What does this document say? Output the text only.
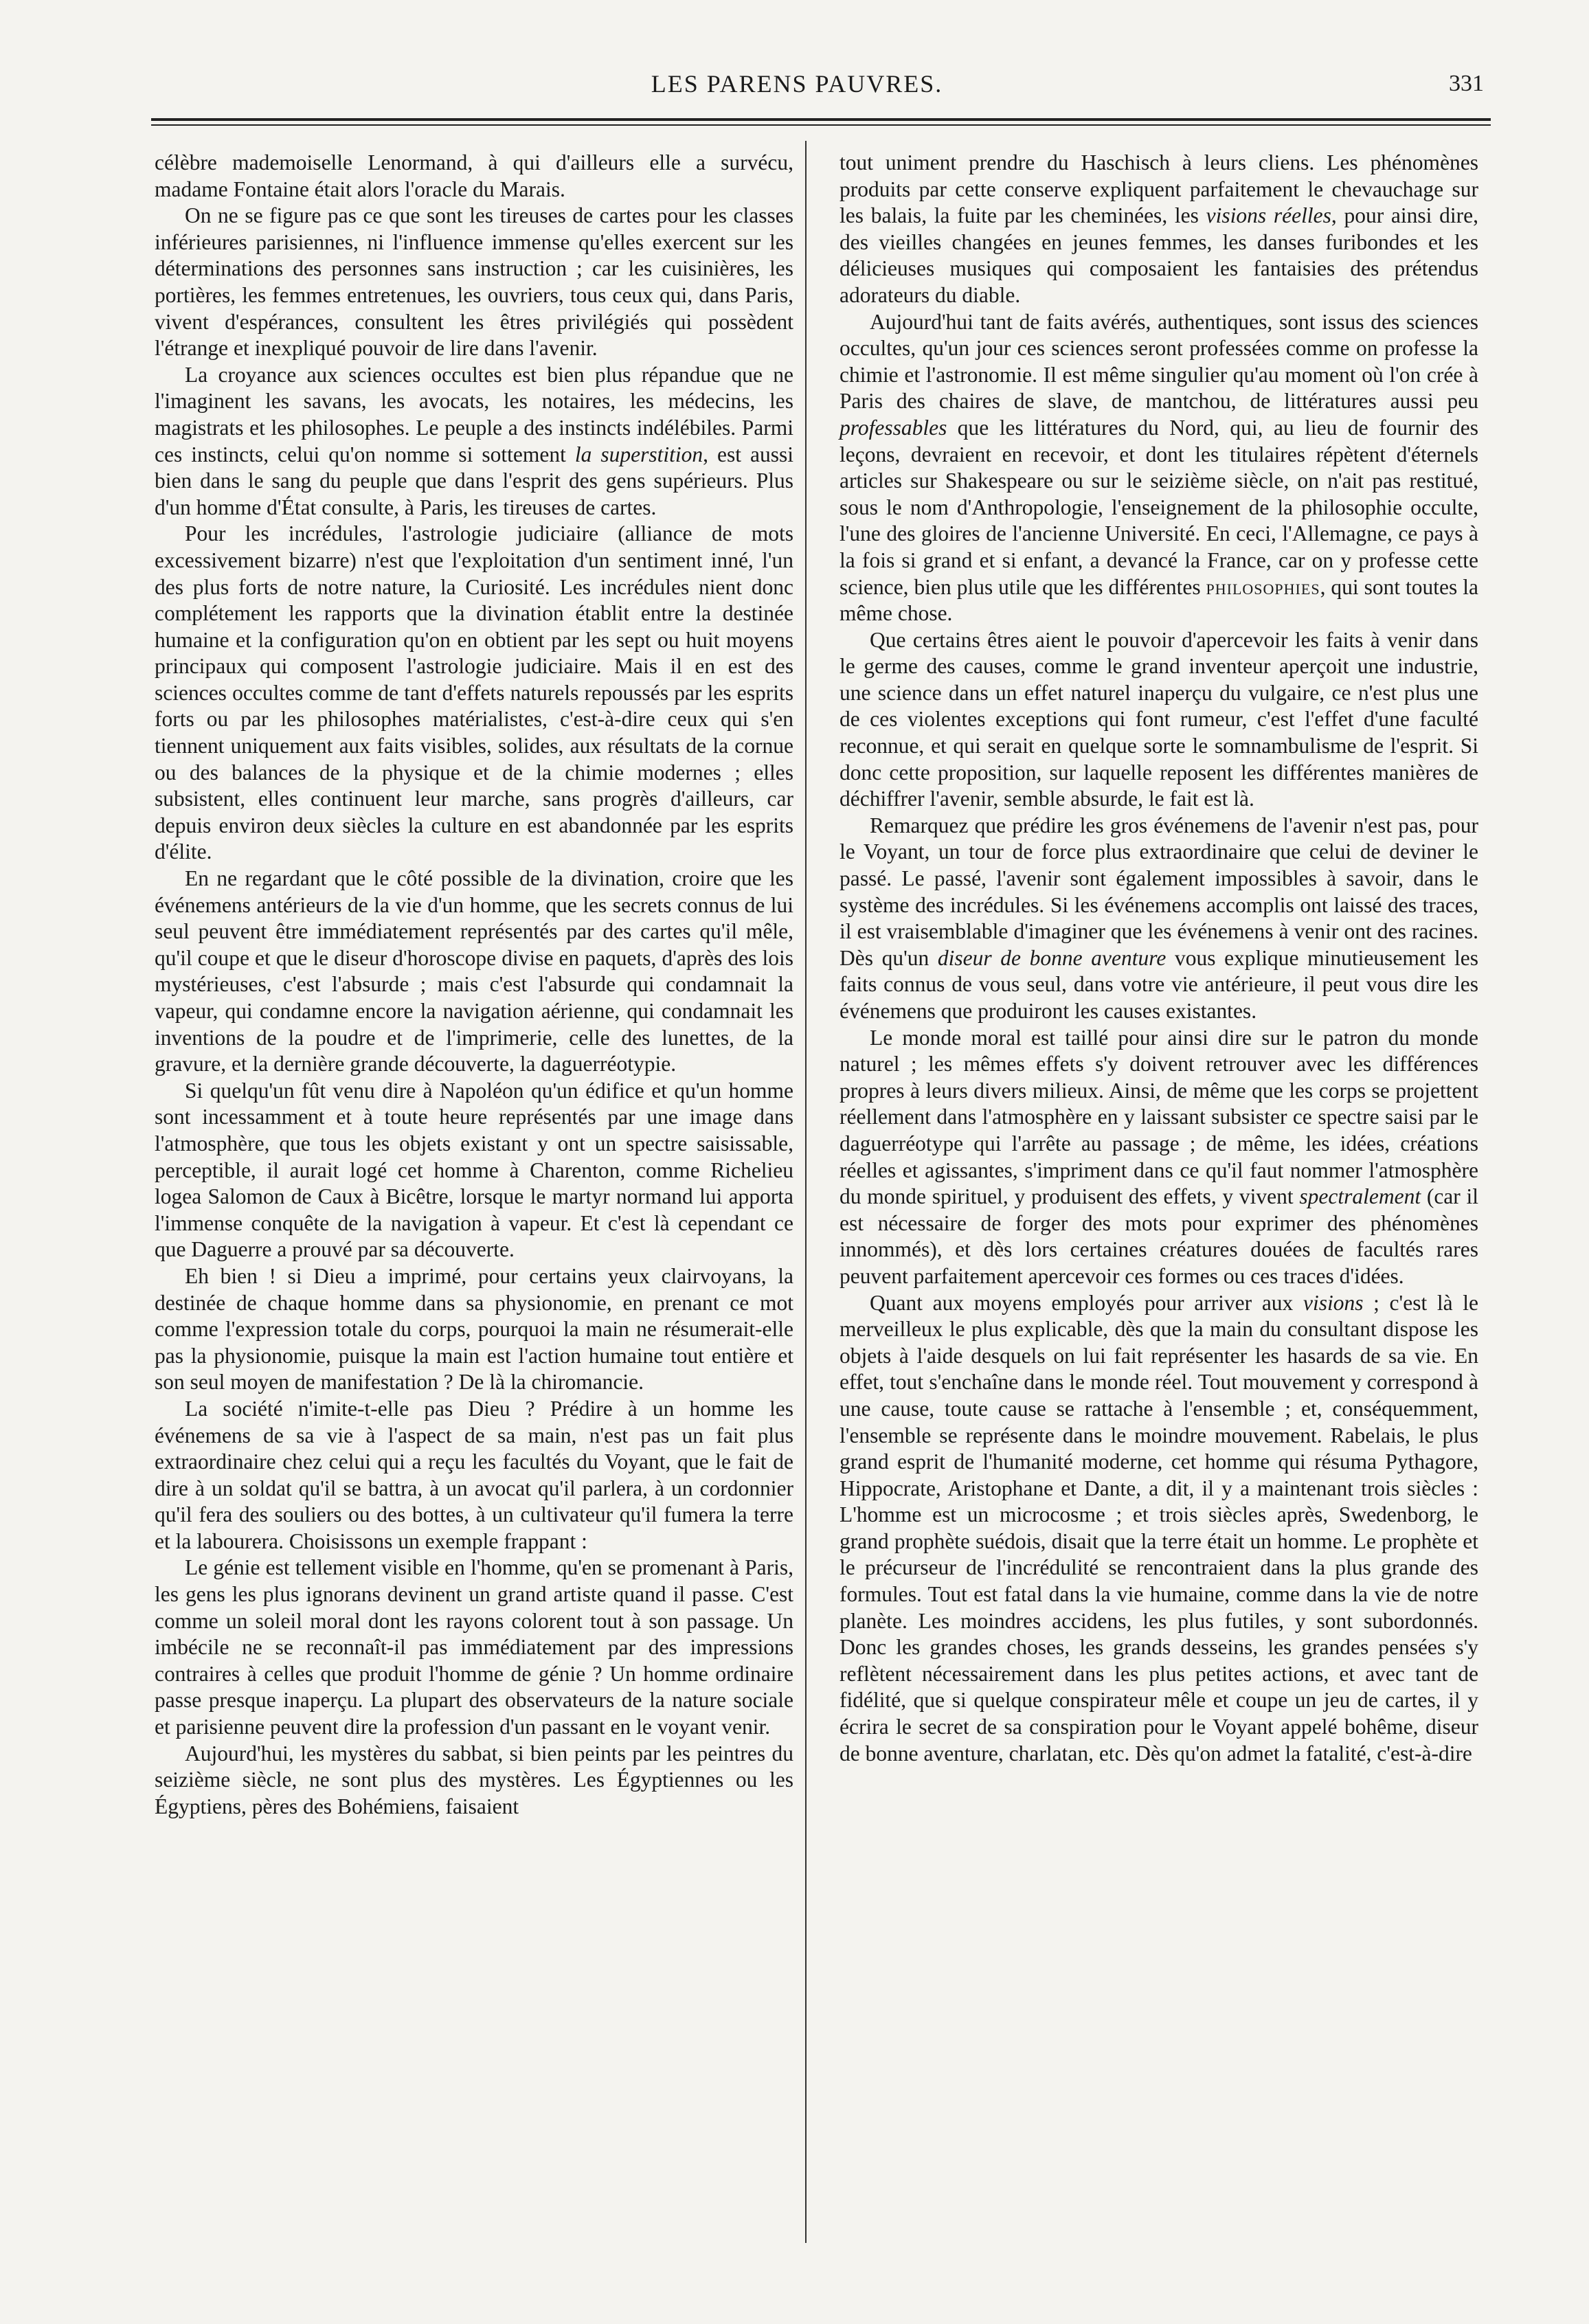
LES PARENS PAUVRES.	331

célèbre mademoiselle Lenormand, à qui d'ailleurs elle a survécu, madame Fontaine était alors l'oracle du Marais.

On ne se figure pas ce que sont les tireuses de cartes pour les classes inférieures parisiennes, ni l'influence immense qu'elles exercent sur les déterminations des personnes sans instruction ; car les cuisinières, les portières, les femmes entretenues, les ouvriers, tous ceux qui, dans Paris, vivent d'espérances, consultent les êtres privilégiés qui possèdent l'étrange et inexpliqué pouvoir de lire dans l'avenir.

La croyance aux sciences occultes est bien plus répandue que ne l'imaginent les savans, les avocats, les notaires, les médecins, les magistrats et les philosophes. Le peuple a des instincts indélébiles. Parmi ces instincts, celui qu'on nomme si sottement la superstition, est aussi bien dans le sang du peuple que dans l'esprit des gens supérieurs. Plus d'un homme d'État consulte, à Paris, les tireuses de cartes.

Pour les incrédules, l'astrologie judiciaire (alliance de mots excessivement bizarre) n'est que l'exploitation d'un sentiment inné, l'un des plus forts de notre nature, la Curiosité. Les incrédules nient donc complétement les rapports que la divination établit entre la destinée humaine et la configuration qu'on en obtient par les sept ou huit moyens principaux qui composent l'astrologie judiciaire. Mais il en est des sciences occultes comme de tant d'effets naturels repoussés par les esprits forts ou par les philosophes matérialistes, c'est-à-dire ceux qui s'en tiennent uniquement aux faits visibles, solides, aux résultats de la cornue ou des balances de la physique et de la chimie modernes ; elles subsistent, elles continuent leur marche, sans progrès d'ailleurs, car depuis environ deux siècles la culture en est abandonnée par les esprits d'élite.

En ne regardant que le côté possible de la divination, croire que les événemens antérieurs de la vie d'un homme, que les secrets connus de lui seul peuvent être immédiatement représentés par des cartes qu'il mêle, qu'il coupe et que le diseur d'horoscope divise en paquets, d'après des lois mystérieuses, c'est l'absurde ; mais c'est l'absurde qui condamnait la vapeur, qui condamne encore la navigation aérienne, qui condamnait les inventions de la poudre et de l'imprimerie, celle des lunettes, de la gravure, et la dernière grande découverte, la daguerréotypie.

Si quelqu'un fût venu dire à Napoléon qu'un édifice et qu'un homme sont incessamment et à toute heure représentés par une image dans l'atmosphère, que tous les objets existant y ont un spectre saisissable, perceptible, il aurait logé cet homme à Charenton, comme Richelieu logea Salomon de Caux à Bicêtre, lorsque le martyr normand lui apporta l'immense conquête de la navigation à vapeur. Et c'est là cependant ce que Daguerre a prouvé par sa découverte.

Eh bien ! si Dieu a imprimé, pour certains yeux clairvoyans, la destinée de chaque homme dans sa physionomie, en prenant ce mot comme l'expression totale du corps, pourquoi la main ne résumerait-elle pas la physionomie, puisque la main est l'action humaine tout entière et son seul moyen de manifestation ? De là la chiromancie.

La société n'imite-t-elle pas Dieu ? Prédire à un homme les événemens de sa vie à l'aspect de sa main, n'est pas un fait plus extraordinaire chez celui qui a reçu les facultés du Voyant, que le fait de dire à un soldat qu'il se battra, à un avocat qu'il parlera, à un cordonnier qu'il fera des souliers ou des bottes, à un cultivateur qu'il fumera la terre et la labourera. Choisissons un exemple frappant :

Le génie est tellement visible en l'homme, qu'en se promenant à Paris, les gens les plus ignorans devinent un grand artiste quand il passe. C'est comme un soleil moral dont les rayons colorent tout à son passage. Un imbécile ne se reconnaît-il pas immédiatement par des impressions contraires à celles que produit l'homme de génie ? Un homme ordinaire passe presque inaperçu. La plupart des observateurs de la nature sociale et parisienne peuvent dire la profession d'un passant en le voyant venir.

Aujourd'hui, les mystères du sabbat, si bien peints par les peintres du seizième siècle, ne sont plus des mystères. Les Égyptiennes ou les Égyptiens, pères des Bohémiens, faisaient

tout uniment prendre du Haschisch à leurs cliens. Les phénomènes produits par cette conserve expliquent parfaitement le chevauchage sur les balais, la fuite par les cheminées, les visions réelles, pour ainsi dire, des vieilles changées en jeunes femmes, les danses furibondes et les délicieuses musiques qui composaient les fantaisies des prétendus adorateurs du diable.

Aujourd'hui tant de faits avérés, authentiques, sont issus des sciences occultes, qu'un jour ces sciences seront professées comme on professe la chimie et l'astronomie. Il est même singulier qu'au moment où l'on crée à Paris des chaires de slave, de mantchou, de littératures aussi peu professables que les littératures du Nord, qui, au lieu de fournir des leçons, devraient en recevoir, et dont les titulaires répètent d'éternels articles sur Shakespeare ou sur le seizième siècle, on n'ait pas restitué, sous le nom d'Anthropologie, l'enseignement de la philosophie occulte, l'une des gloires de l'ancienne Université. En ceci, l'Allemagne, ce pays à la fois si grand et si enfant, a devancé la France, car on y professe cette science, bien plus utile que les différentes philosophies, qui sont toutes la même chose.

Que certains êtres aient le pouvoir d'apercevoir les faits à venir dans le germe des causes, comme le grand inventeur aperçoit une industrie, une science dans un effet naturel inaperçu du vulgaire, ce n'est plus une de ces violentes exceptions qui font rumeur, c'est l'effet d'une faculté reconnue, et qui serait en quelque sorte le somnambulisme de l'esprit. Si donc cette proposition, sur laquelle reposent les différentes manières de déchiffrer l'avenir, semble absurde, le fait est là.

Remarquez que prédire les gros événemens de l'avenir n'est pas, pour le Voyant, un tour de force plus extraordinaire que celui de deviner le passé. Le passé, l'avenir sont également impossibles à savoir, dans le système des incrédules. Si les événemens accomplis ont laissé des traces, il est vraisemblable d'imaginer que les événemens à venir ont des racines. Dès qu'un diseur de bonne aventure vous explique minutieusement les faits connus de vous seul, dans votre vie antérieure, il peut vous dire les événemens que produiront les causes existantes.

Le monde moral est taillé pour ainsi dire sur le patron du monde naturel ; les mêmes effets s'y doivent retrouver avec les différences propres à leurs divers milieux. Ainsi, de même que les corps se projettent réellement dans l'atmosphère en y laissant subsister ce spectre saisi par le daguerréotype qui l'arrête au passage ; de même, les idées, créations réelles et agissantes, s'impriment dans ce qu'il faut nommer l'atmosphère du monde spirituel, y produisent des effets, y vivent spectralement (car il est nécessaire de forger des mots pour exprimer des phénomènes innommés), et dès lors certaines créatures douées de facultés rares peuvent parfaitement apercevoir ces formes ou ces traces d'idées.

Quant aux moyens employés pour arriver aux visions ; c'est là le merveilleux le plus explicable, dès que la main du consultant dispose les objets à l'aide desquels on lui fait représenter les hasards de sa vie. En effet, tout s'enchaîne dans le monde réel. Tout mouvement y correspond à une cause, toute cause se rattache à l'ensemble ; et, conséquemment, l'ensemble se représente dans le moindre mouvement. Rabelais, le plus grand esprit de l'humanité moderne, cet homme qui résuma Pythagore, Hippocrate, Aristophane et Dante, a dit, il y a maintenant trois siècles : L'homme est un microcosme ; et trois siècles après, Swedenborg, le grand prophète suédois, disait que la terre était un homme. Le prophète et le précurseur de l'incrédulité se rencontraient dans la plus grande des formules. Tout est fatal dans la vie humaine, comme dans la vie de notre planète. Les moindres accidens, les plus futiles, y sont subordonnés. Donc les grandes choses, les grands desseins, les grandes pensées s'y reflètent nécessairement dans les plus petites actions, et avec tant de fidélité, que si quelque conspirateur mêle et coupe un jeu de cartes, il y écrira le secret de sa conspiration pour le Voyant appelé bohême, diseur de bonne aventure, charlatan, etc. Dès qu'on admet la fatalité, c'est-à-dire
